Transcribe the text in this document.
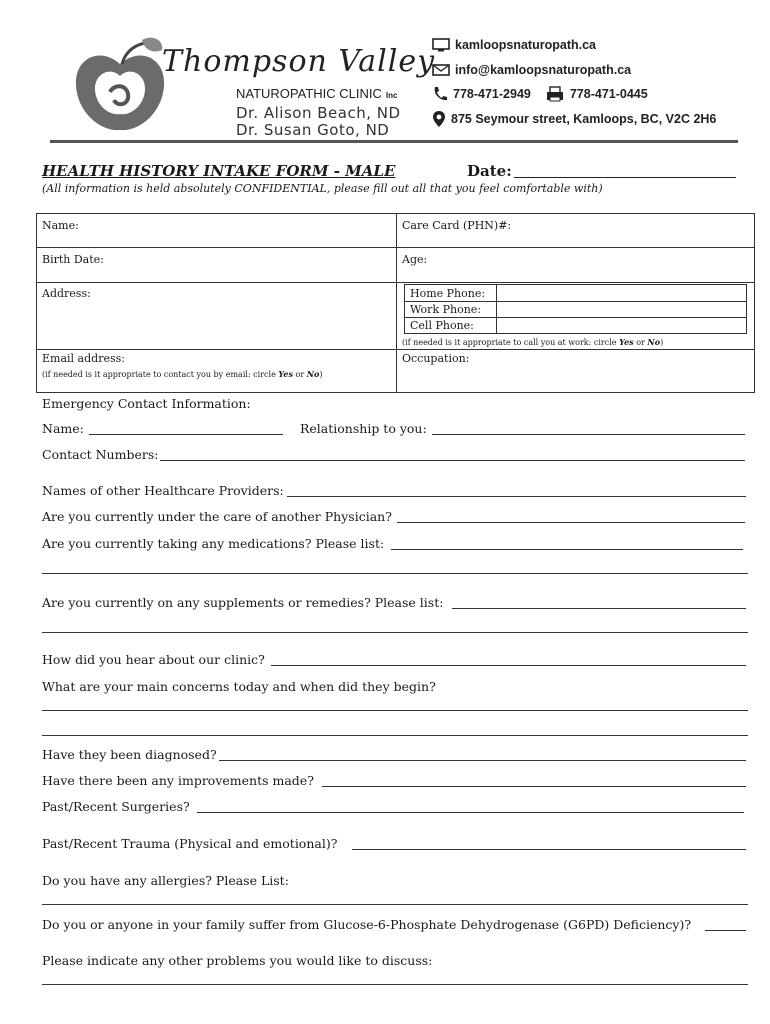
Thompson Valley
NATUROPATHIC CLINIC Inc
Dr. Alison Beach, ND
Dr. Susan Goto, ND
kamloopsnaturopath.ca
info@kamloopsnaturopath.ca
778-471-2949	778-471-0445
875 Seymour street, Kamloops, BC, V2C 2H6
HEALTH HISTORY INTAKE FORM - MALE	Date:
(All information is held absolutely CONFIDENTIAL, please fill out all that you feel comfortable with)
Name:	Care Card (PHN)#:
Birth Date:	Age:
Address:	Home Phone:
Work Phone:
Cell Phone:
(if needed is it appropriate to call you at work: circle Yes or No)
Email address:
(if needed is it appropriate to contact you by email: circle Yes or No)
Occupation:
Emergency Contact Information:
Name:	Relationship to you:
Contact Numbers:
Names of other Healthcare Providers:
Are you currently under the care of another Physician?
Are you currently taking any medications? Please list:
Are you currently on any supplements or remedies? Please list:
How did you hear about our clinic?
What are your main concerns today and when did they begin?
Have they been diagnosed?
Have there been any improvements made?
Past/Recent Surgeries?
Past/Recent Trauma (Physical and emotional)?
Do you have any allergies? Please List:
Do you or anyone in your family suffer from Glucose-6-Phosphate Dehydrogenase (G6PD) Deficiency)?
Please indicate any other problems you would like to discuss:
